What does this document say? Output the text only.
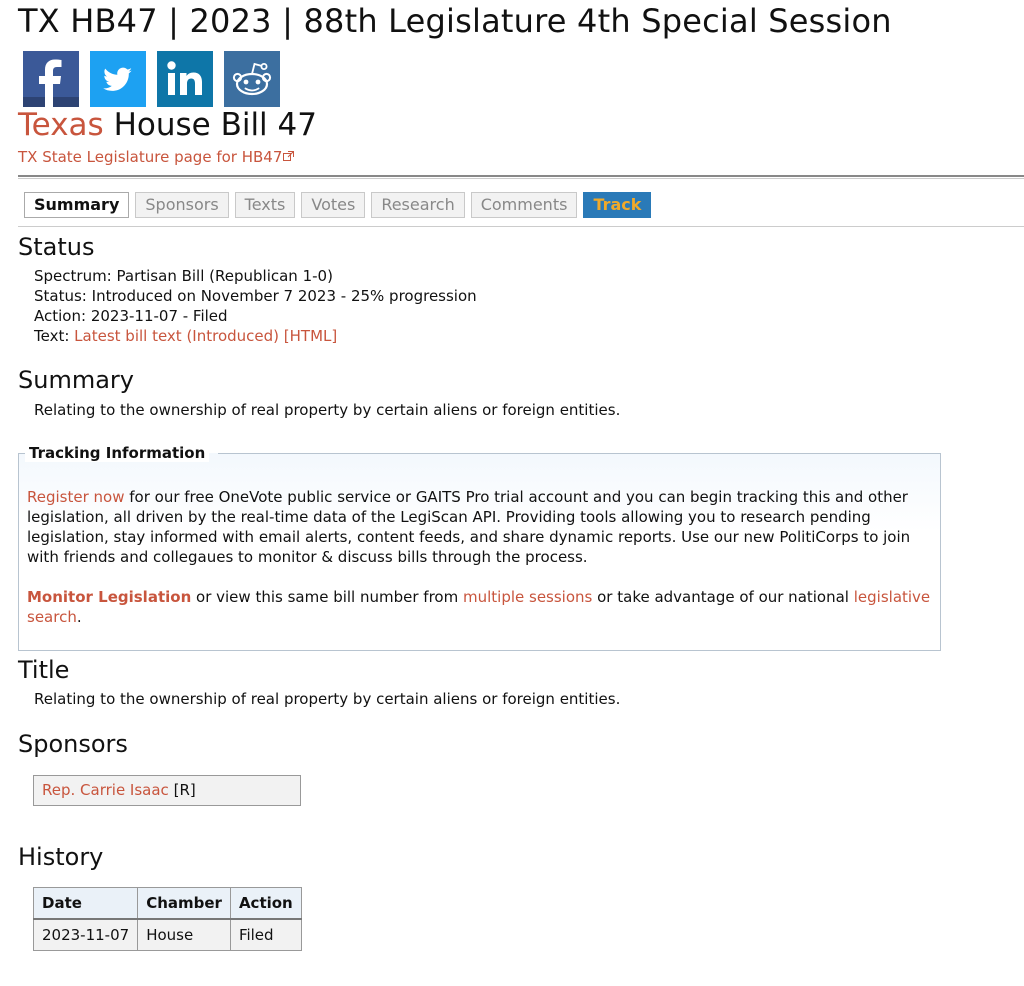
TX HB47 | 2023 | 88th Legislature 4th Special Session
Texas House Bill 47
TX State Legislature page for HB47
Summary	Sponsors	Texts	Votes	Research	Comments	Track
Status
Spectrum: Partisan Bill (Republican 1-0)
Status: Introduced on November 7 2023 - 25% progression
Action: 2023-11-07 - Filed
Text: Latest bill text (Introduced) [HTML]
Summary
Relating to the ownership of real property by certain aliens or foreign entities.
Tracking Information

Register now for our free OneVote public service or GAITS Pro trial account and you can begin tracking this and other legislation, all driven by the real-time data of the LegiScan API. Providing tools allowing you to research pending legislation, stay informed with email alerts, content feeds, and share dynamic reports. Use our new PolitiCorps to join with friends and collegaues to monitor & discuss bills through the process.

Monitor Legislation or view this same bill number from multiple sessions or take advantage of our national legislative search.

Title
Relating to the ownership of real property by certain aliens or foreign entities.
Sponsors
Rep. Carrie Isaac [R]
History
Date	Chamber	Action
2023-11-07	House	Filed
